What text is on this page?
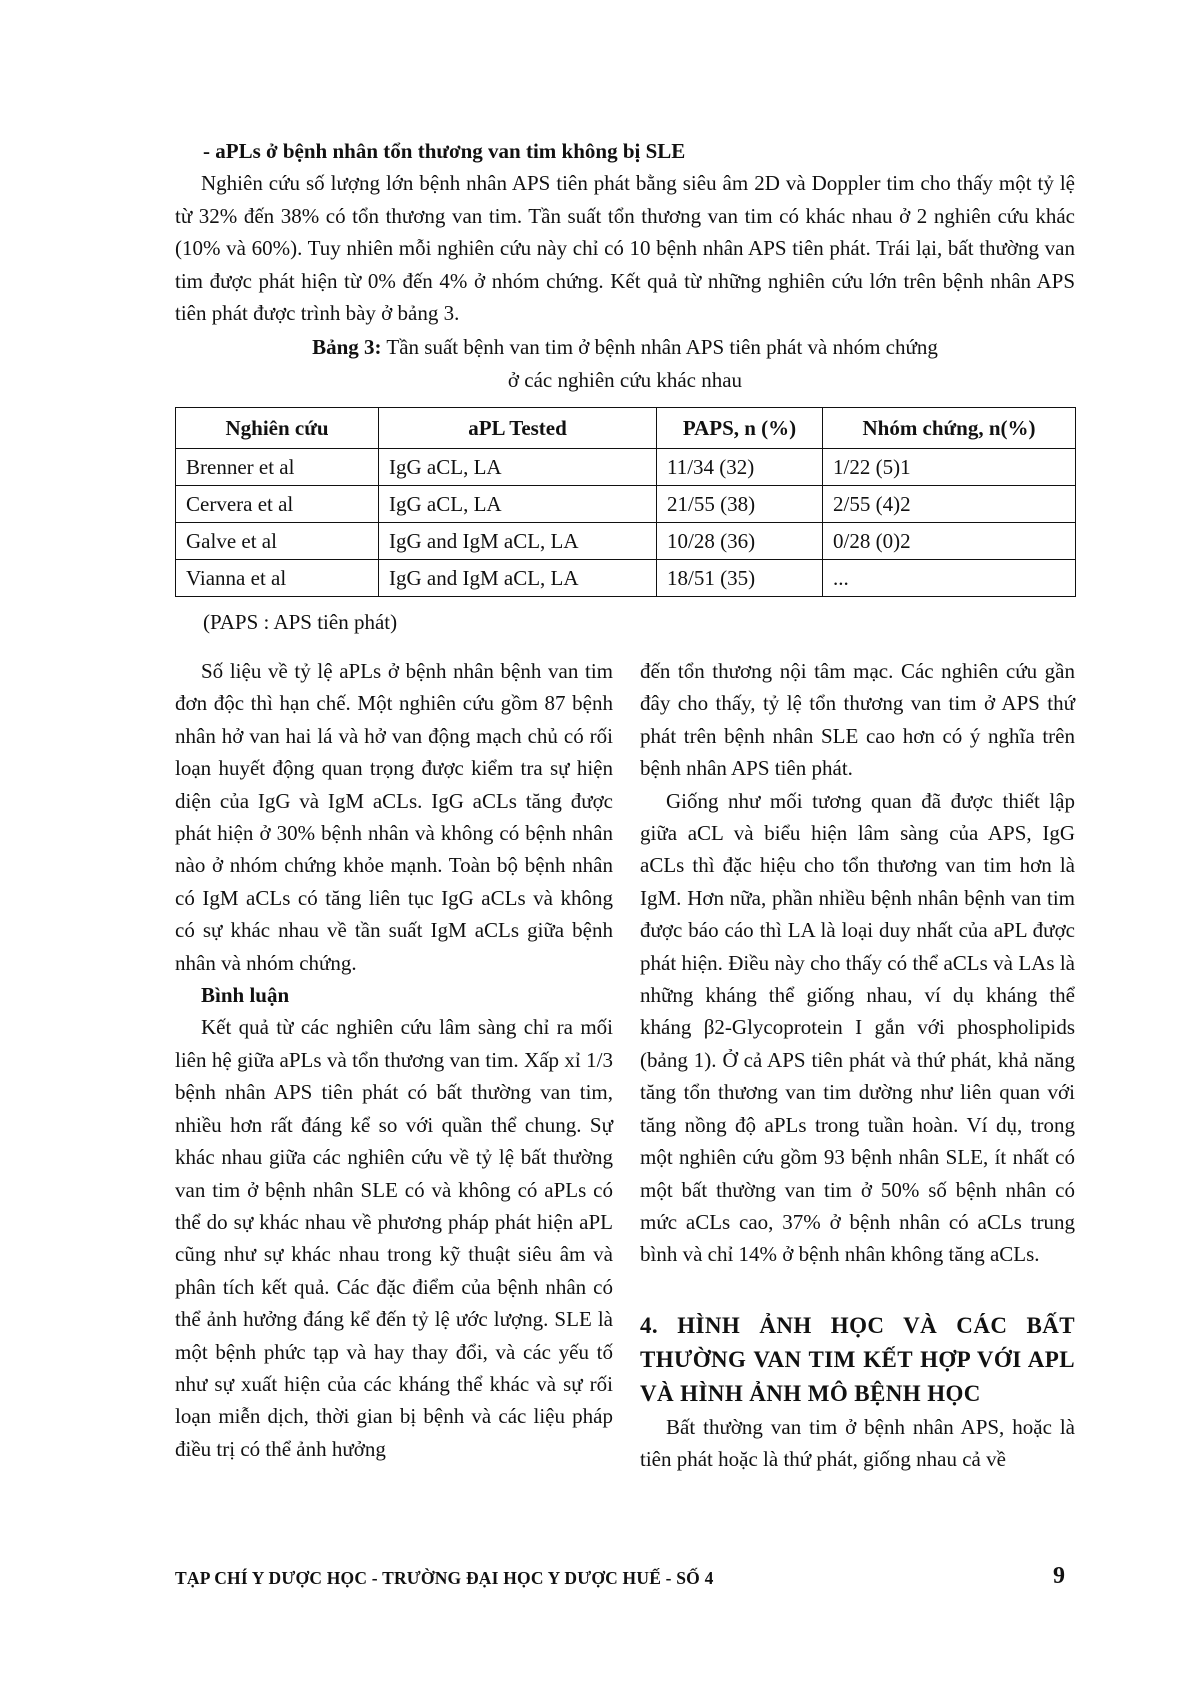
- aPLs ở bệnh nhân tổn thương van tim không bị SLE

Nghiên cứu số lượng lớn bệnh nhân APS tiên phát bằng siêu âm 2D và Doppler tim cho thấy một tỷ lệ từ 32% đến 38% có tổn thương van tim. Tần suất tổn thương van tim có khác nhau ở 2 nghiên cứu khác (10% và 60%). Tuy nhiên mỗi nghiên cứu này chỉ có 10 bệnh nhân APS tiên phát. Trái lại, bất thường van tim được phát hiện từ 0% đến 4% ở nhóm chứng. Kết quả từ những nghiên cứu lớn trên bệnh nhân APS tiên phát được trình bày ở bảng 3.

Bảng 3: Tần suất bệnh van tim ở bệnh nhân APS tiên phát và nhóm chứng
ở các nghiên cứu khác nhau
Nghiên cứu	aPL Tested	PAPS, n (%)	Nhóm chứng, n(%)
Brenner et al	IgG aCL, LA	11/34 (32)	1/22 (5)1
Cervera et al	IgG aCL, LA	21/55 (38)	2/55 (4)2
Galve et al	IgG and IgM aCL, LA	10/28 (36)	0/28 (0)2
Vianna et al	IgG and IgM aCL, LA	18/51 (35)	...
(PAPS : APS tiên phát)

Số liệu về tỷ lệ aPLs ở bệnh nhân bệnh van tim đơn độc thì hạn chế. Một nghiên cứu gồm 87 bệnh nhân hở van hai lá và hở van động mạch chủ có rối loạn huyết động quan trọng được kiểm tra sự hiện diện của IgG và IgM aCLs. IgG aCLs tăng được phát hiện ở 30% bệnh nhân và không có bệnh nhân nào ở nhóm chứng khỏe mạnh. Toàn bộ bệnh nhân có IgM aCLs có tăng liên tục IgG aCLs và không có sự khác nhau về tần suất IgM aCLs giữa bệnh nhân và nhóm chứng.

Bình luận

Kết quả từ các nghiên cứu lâm sàng chỉ ra mối liên hệ giữa aPLs và tổn thương van tim. Xấp xỉ 1/3 bệnh nhân APS tiên phát có bất thường van tim, nhiều hơn rất đáng kể so với quần thể chung. Sự khác nhau giữa các nghiên cứu về tỷ lệ bất thường van tim ở bệnh nhân SLE có và không có aPLs có thể do sự khác nhau về phương pháp phát hiện aPL cũng như sự khác nhau trong kỹ thuật siêu âm và phân tích kết quả. Các đặc điểm của bệnh nhân có thể ảnh hưởng đáng kể đến tỷ lệ ước lượng. SLE là một bệnh phức tạp và hay thay đổi, và các yếu tố như sự xuất hiện của các kháng thể khác và sự rối loạn miễn dịch, thời gian bị bệnh và các liệu pháp điều trị có thể ảnh hưởng

đến tổn thương nội tâm mạc. Các nghiên cứu gần đây cho thấy, tỷ lệ tổn thương van tim ở APS thứ phát trên bệnh nhân SLE cao hơn có ý nghĩa trên bệnh nhân APS tiên phát.

Giống như mối tương quan đã được thiết lập giữa aCL và biểu hiện lâm sàng của APS, IgG aCLs thì đặc hiệu cho tổn thương van tim hơn là IgM. Hơn nữa, phần nhiều bệnh nhân bệnh van tim được báo cáo thì LA là loại duy nhất của aPL được phát hiện. Điều này cho thấy có thể aCLs và LAs là những kháng thể giống nhau, ví dụ kháng thể kháng β2-Glycoprotein I gắn với phospholipids (bảng 1). Ở cả APS tiên phát và thứ phát, khả năng tăng tổn thương van tim dường như liên quan với tăng nồng độ aPLs trong tuần hoàn. Ví dụ, trong một nghiên cứu gồm 93 bệnh nhân SLE, ít nhất có một bất thường van tim ở 50% số bệnh nhân có mức aCLs cao, 37% ở bệnh nhân có aCLs trung bình và chỉ 14% ở bệnh nhân không tăng aCLs.

4. HÌNH ẢNH HỌC VÀ CÁC BẤT THƯỜNG VAN TIM KẾT HỢP VỚI APL VÀ HÌNH ẢNH MÔ BỆNH HỌC

Bất thường van tim ở bệnh nhân APS, hoặc là tiên phát hoặc là thứ phát, giống nhau cả về

TẠP CHÍ Y DƯỢC HỌC - TRƯỜNG ĐẠI HỌC Y DƯỢC HUẾ - SỐ 4	9
